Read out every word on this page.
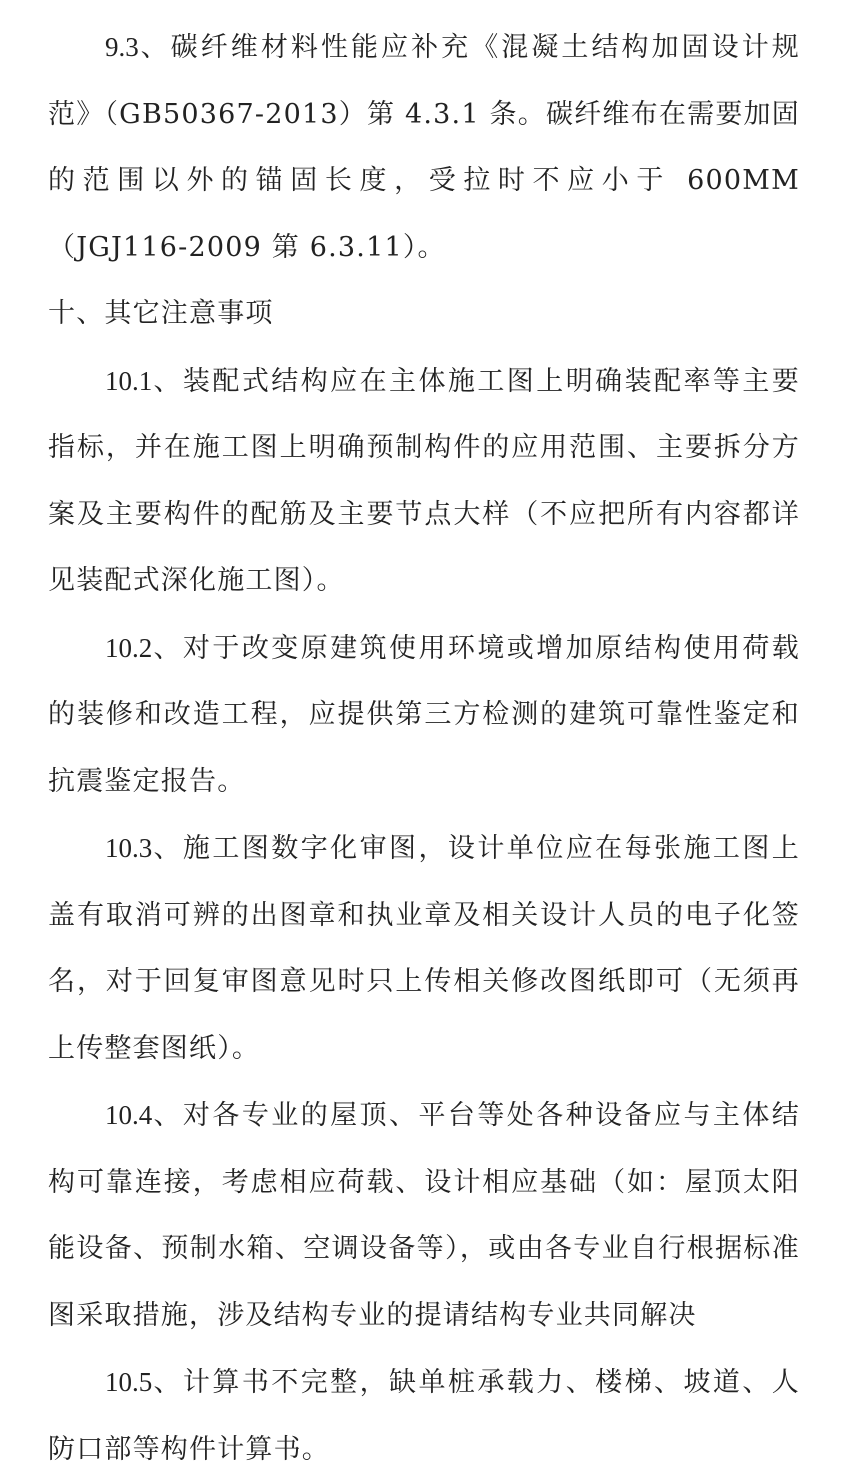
9.3、碳纤维材料性能应补充《混凝土结构加固设计规范》（GB50367-2013）第 4.3.1 条。碳纤维布在需要加固的范围以外的锚固长度，受拉时不应小于 600MM（JGJ116-2009 第 6.3.11）。

十、其它注意事项

10.1、装配式结构应在主体施工图上明确装配率等主要指标，并在施工图上明确预制构件的应用范围、主要拆分方案及主要构件的配筋及主要节点大样（不应把所有内容都详见装配式深化施工图）。

10.2、对于改变原建筑使用环境或增加原结构使用荷载的装修和改造工程，应提供第三方检测的建筑可靠性鉴定和抗震鉴定报告。

10.3、施工图数字化审图，设计单位应在每张施工图上盖有取消可辨的出图章和执业章及相关设计人员的电子化签名，对于回复审图意见时只上传相关修改图纸即可（无须再上传整套图纸）。

10.4、对各专业的屋顶、平台等处各种设备应与主体结构可靠连接，考虑相应荷载、设计相应基础（如：屋顶太阳能设备、预制水箱、空调设备等），或由各专业自行根据标准图采取措施，涉及结构专业的提请结构专业共同解决

10.5、计算书不完整，缺单桩承载力、楼梯、坡道、人防口部等构件计算书。
